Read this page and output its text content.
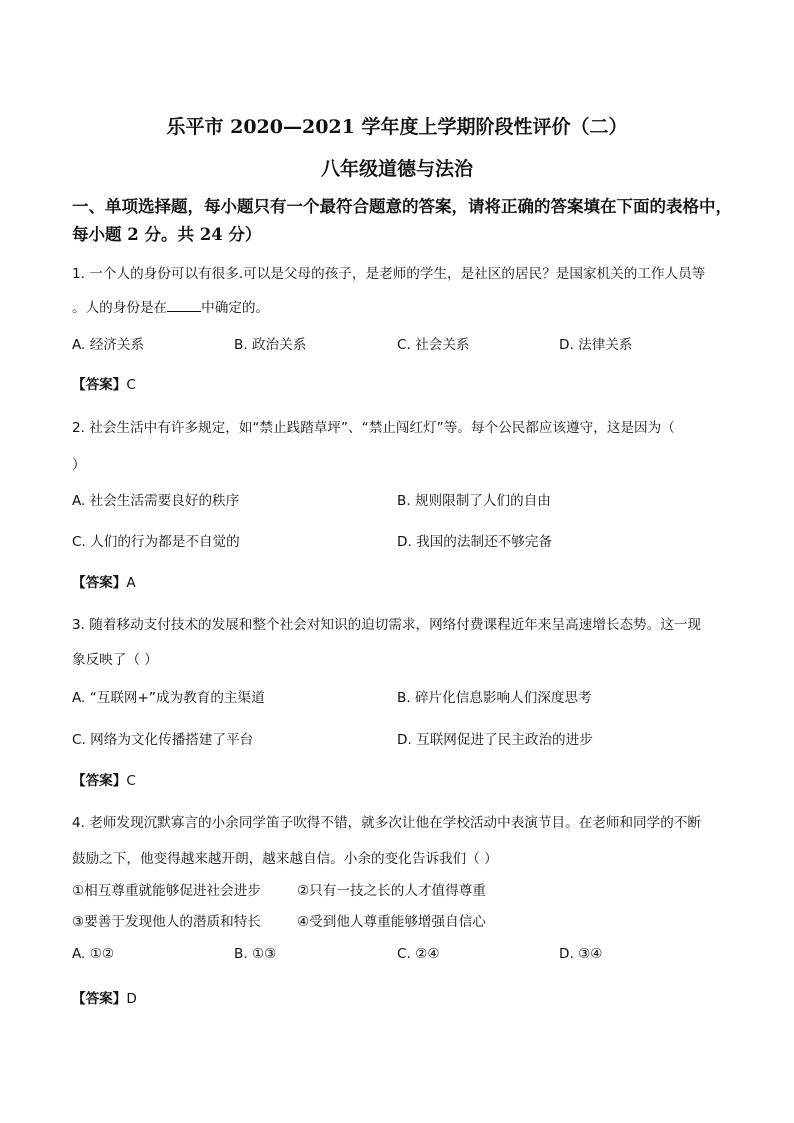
乐平市 2020—2021 学年度上学期阶段性评价（二）
八年级道德与法治
一、单项选择题，每小题只有一个最符合题意的答案，请将正确的答案填在下面的表格中，
每小题 2 分。共 24 分）
1. 一个人的身份可以有很多.可以是父母的孩子，是老师的学生，是社区的居民？是国家机关的工作人员等
。人的身份是在	中确定的。
A. 经济关系	B. 政治关系	C. 社会关系	D. 法律关系
【答案】C
2. 社会生活中有许多规定，如“禁止践踏草坪”、“禁止闯红灯”等。每个公民都应该遵守，这是因为（
）
A. 社会生活需要良好的秩序	B. 规则限制了人们的自由
C. 人们的行为都是不自觉的	D. 我国的法制还不够完备
【答案】A
3. 随着移动支付技术的发展和整个社会对知识的迫切需求，网络付费课程近年来呈高速增长态势。这一现
象反映了（ ）
A. “互联网+”成为教育的主渠道	B. 碎片化信息影响人们深度思考
C. 网络为文化传播搭建了平台	D. 互联网促进了民主政治的进步
【答案】C
4. 老师发现沉默寡言的小余同学笛子吹得不错，就多次让他在学校活动中表演节目。在老师和同学的不断
鼓励之下，他变得越来越开朗，越来越自信。小余的变化告诉我们（ ）
①相互尊重就能够促进社会进步	②只有一技之长的人才值得尊重
③要善于发现他人的潜质和特长	④受到他人尊重能够增强自信心
A. ①②	B. ①③	C. ②④	D. ③④
【答案】D
